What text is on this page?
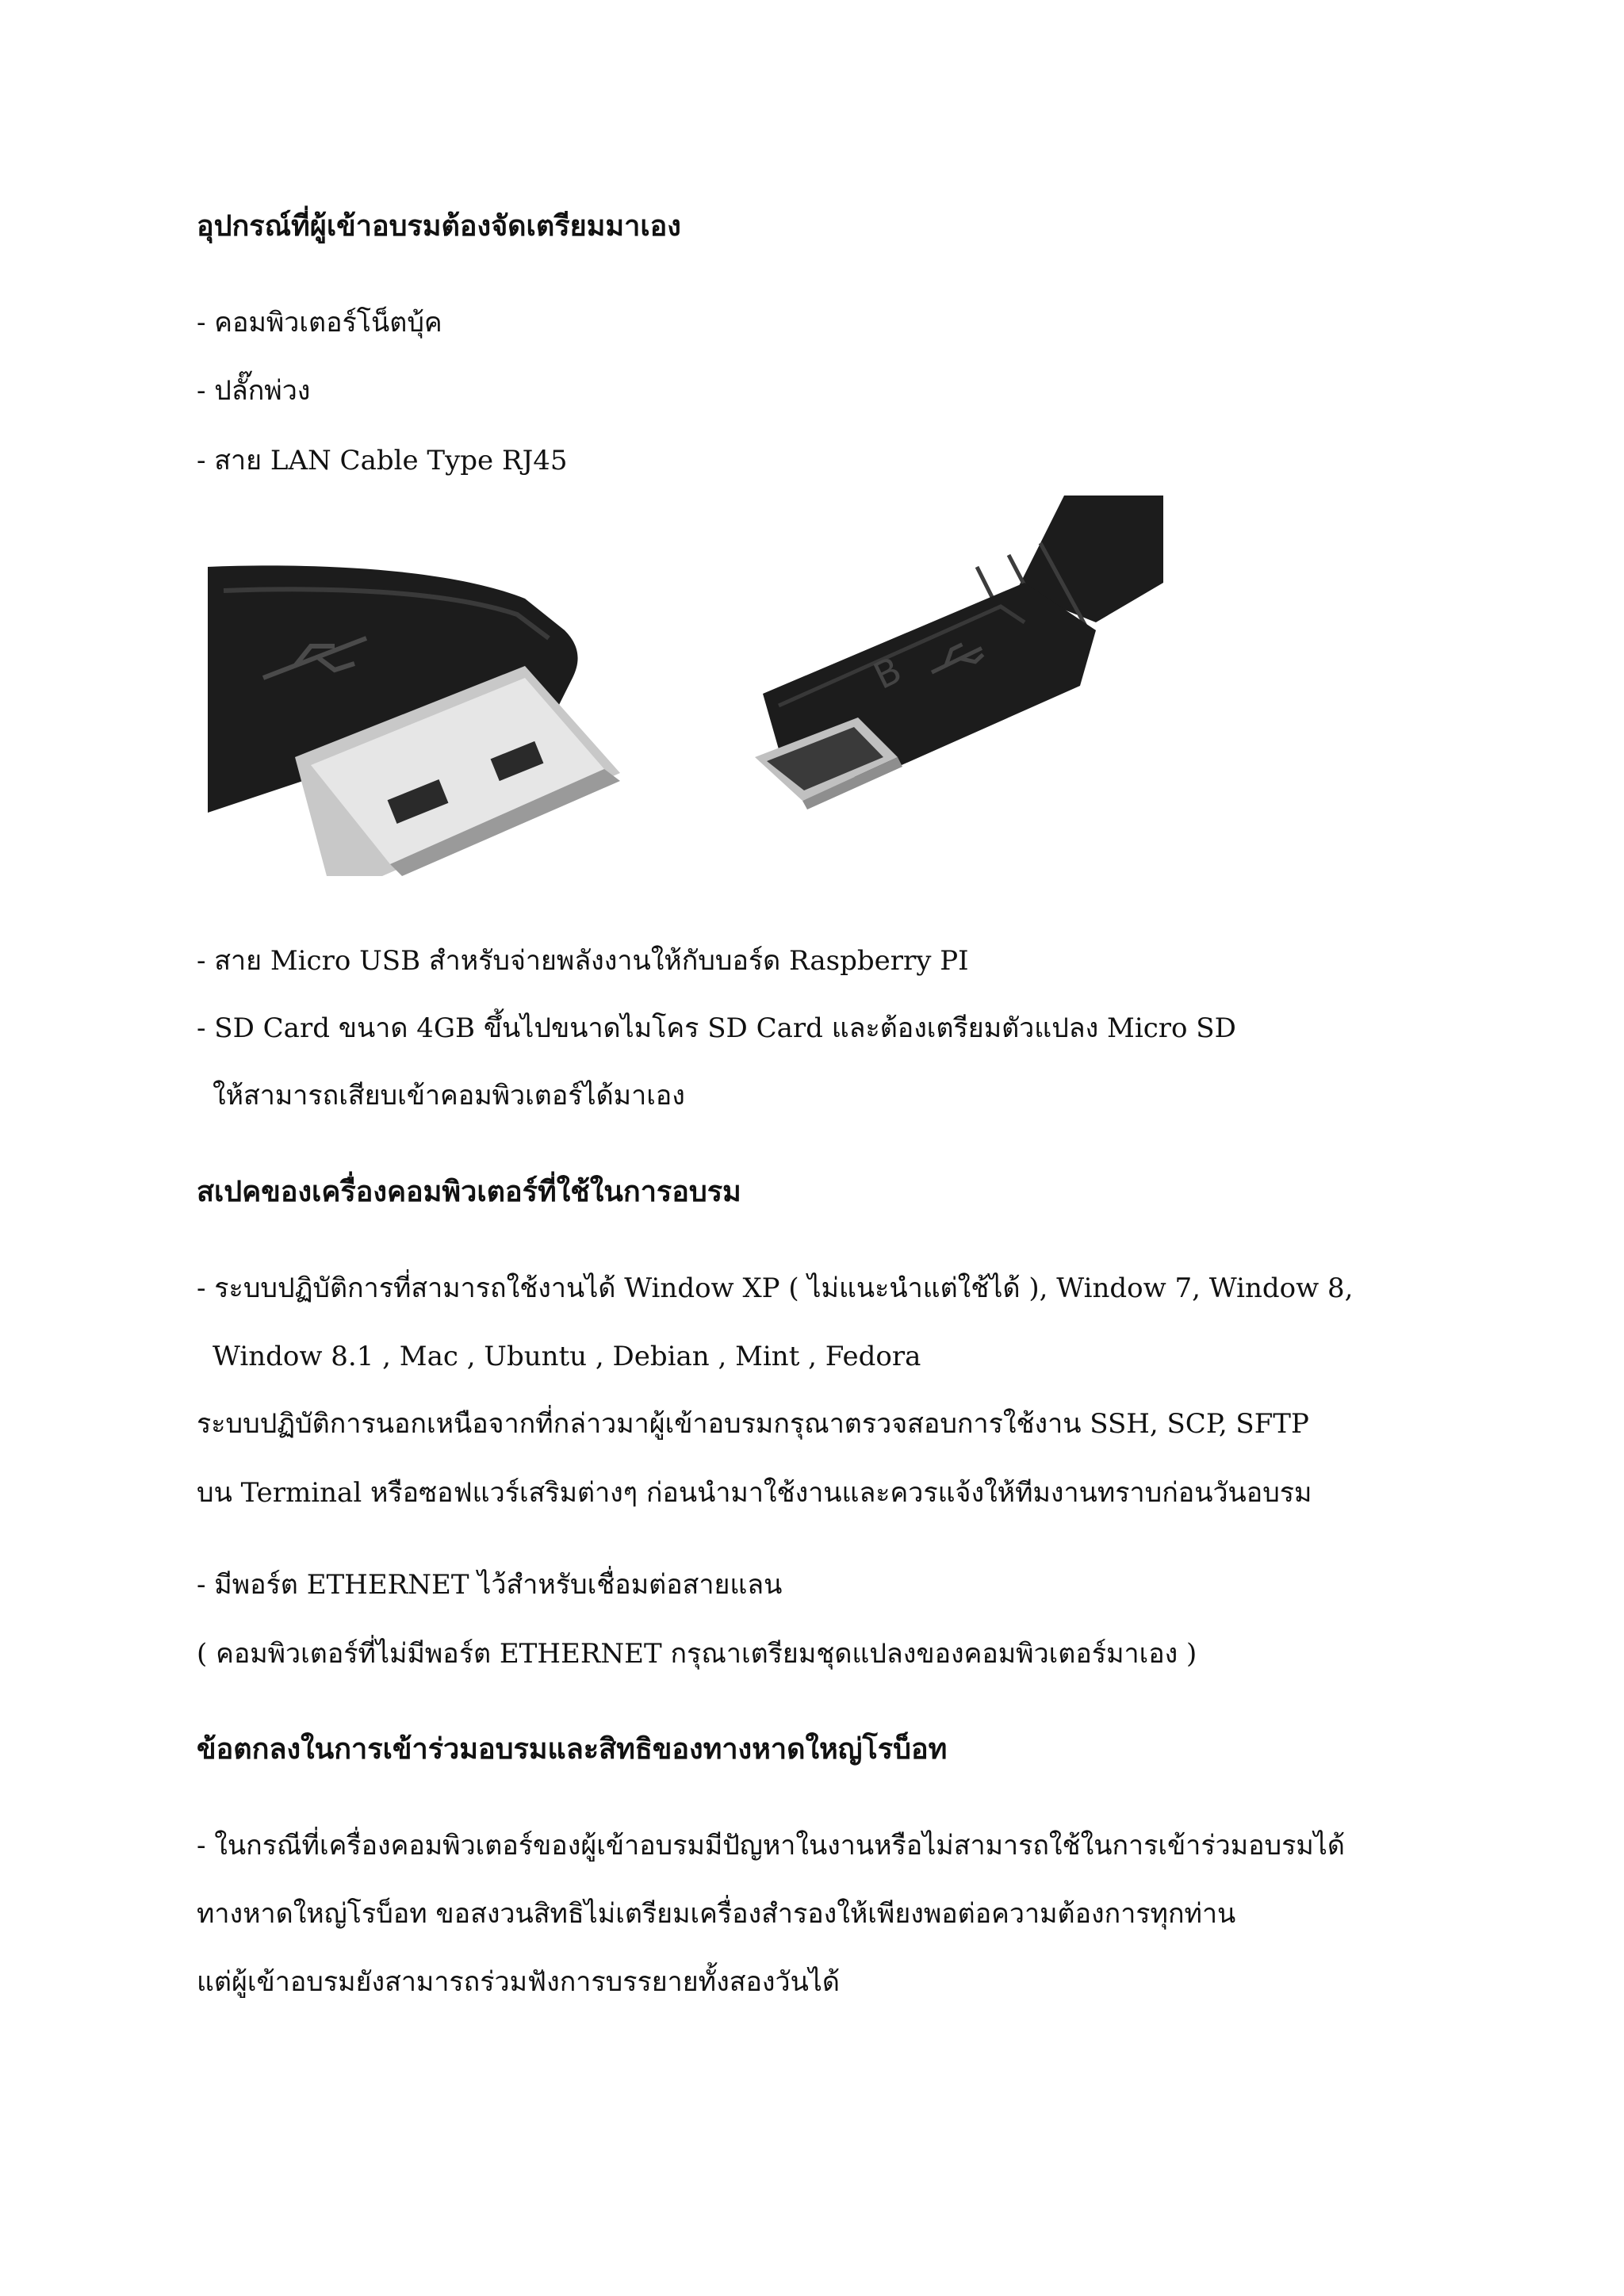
อุปกรณ์ที่ผู้เข้าอบรมต้องจัดเตรียมมาเอง
- คอมพิวเตอร์โน็ตบุ้ค
- ปลั๊กพ่วง
- สาย LAN Cable Type RJ45
B
- สาย Micro USB สำหรับจ่ายพลังงานให้กับบอร์ด Raspberry PI
- SD Card ขนาด 4GB ขึ้นไปขนาดไมโคร SD Card และต้องเตรียมตัวแปลง Micro SD
ให้สามารถเสียบเข้าคอมพิวเตอร์ได้มาเอง
สเปคของเครื่องคอมพิวเตอร์ที่ใช้ในการอบรม
- ระบบปฏิบัติการที่สามารถใช้งานได้ Window XP ( ไม่แนะนำแต่ใช้ได้ ), Window 7, Window 8,
Window 8.1 , Mac , Ubuntu , Debian , Mint , Fedora
ระบบปฏิบัติการนอกเหนือจากที่กล่าวมาผู้เข้าอบรมกรุณาตรวจสอบการใช้งาน SSH, SCP, SFTP
บน Terminal หรือซอฟแวร์เสริมต่างๆ ก่อนนำมาใช้งานและควรแจ้งให้ทีมงานทราบก่อนวันอบรม
- มีพอร์ต ETHERNET ไว้สำหรับเชื่อมต่อสายแลน
( คอมพิวเตอร์ที่ไม่มีพอร์ต ETHERNET กรุณาเตรียมชุดแปลงของคอมพิวเตอร์มาเอง )
ข้อตกลงในการเข้าร่วมอบรมและสิทธิของทางหาดใหญ่โรบ็อท
- ในกรณีที่เครื่องคอมพิวเตอร์ของผู้เข้าอบรมมีปัญหาในงานหรือไม่สามารถใช้ในการเข้าร่วมอบรมได้
ทางหาดใหญ่โรบ็อท ขอสงวนสิทธิไม่เตรียมเครื่องสำรองให้เพียงพอต่อความต้องการทุกท่าน
แต่ผู้เข้าอบรมยังสามารถร่วมฟังการบรรยายทั้งสองวันได้
